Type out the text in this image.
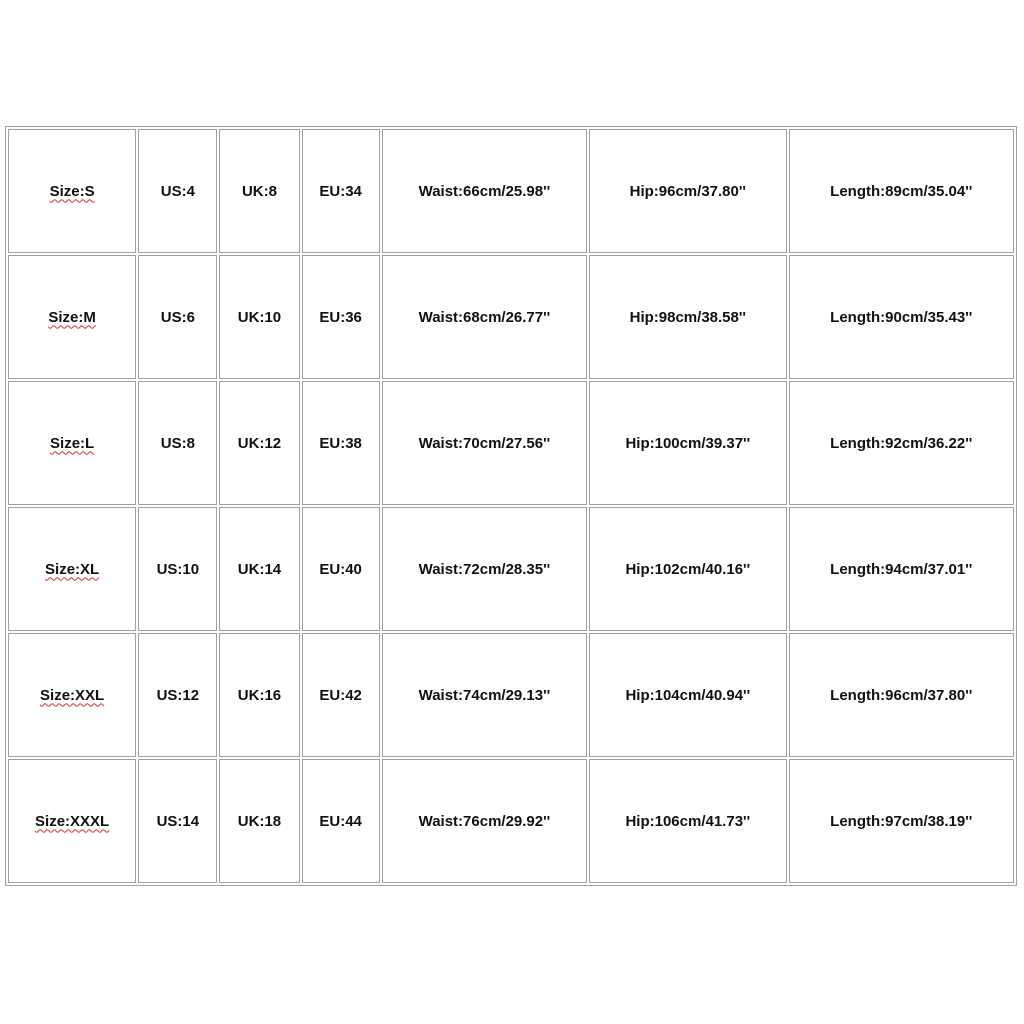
Size:S	US:4	UK:8	EU:34	Waist:66cm/25.98''	Hip:96cm/37.80''	Length:89cm/35.04''
Size:M	US:6	UK:10	EU:36	Waist:68cm/26.77''	Hip:98cm/38.58''	Length:90cm/35.43''
Size:L	US:8	UK:12	EU:38	Waist:70cm/27.56''	Hip:100cm/39.37''	Length:92cm/36.22''
Size:XL	US:10	UK:14	EU:40	Waist:72cm/28.35''	Hip:102cm/40.16''	Length:94cm/37.01''
Size:XXL	US:12	UK:16	EU:42	Waist:74cm/29.13''	Hip:104cm/40.94''	Length:96cm/37.80''
Size:XXXL	US:14	UK:18	EU:44	Waist:76cm/29.92''	Hip:106cm/41.73''	Length:97cm/38.19''
